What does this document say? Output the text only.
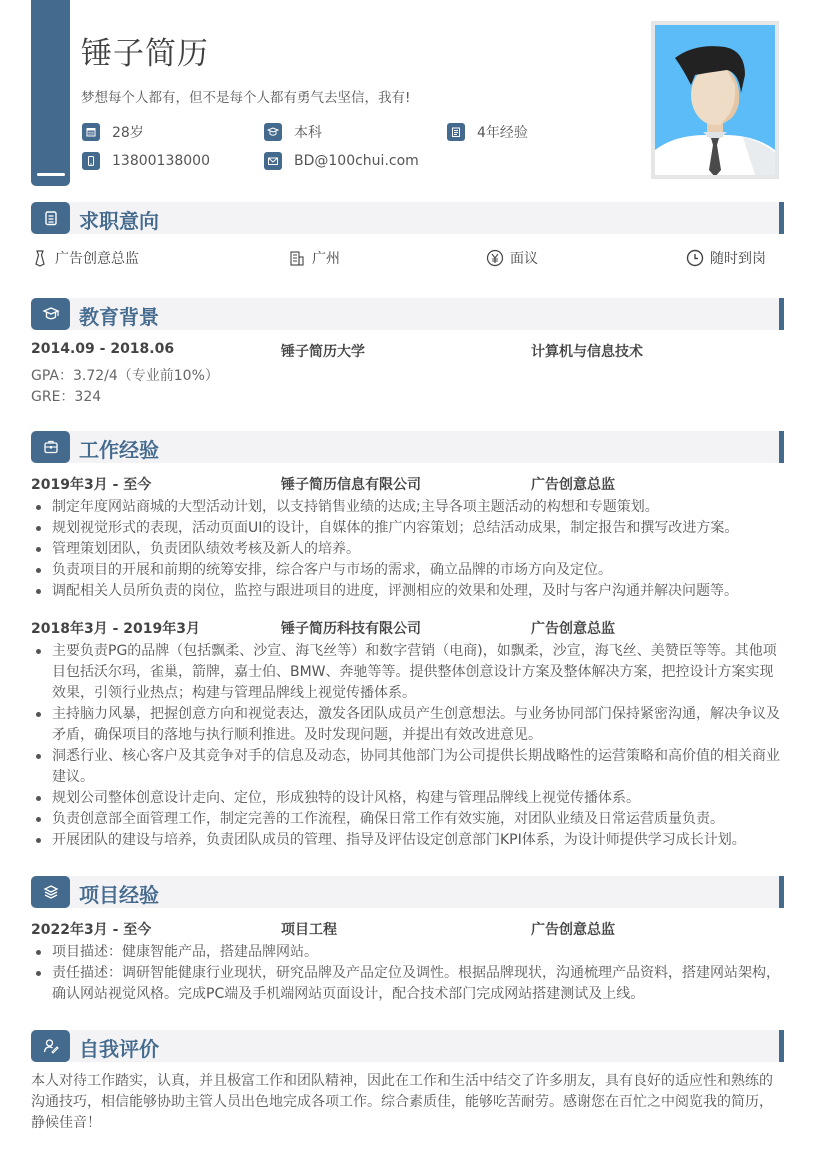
锤子简历
梦想每个人都有，但不是每个人都有勇气去坚信，我有!
28岁	本科	4年经验
13800138000	BD@100chui.com
求职意向
广告创意总监	广州	面议	随时到岗
教育背景
2014.09 - 2018.06	锤子简历大学	计算机与信息技术
GPA：3.72/4（专业前10%）
GRE：324
工作经验
2019年3月 - 至今	锤子简历信息有限公司	广告创意总监
制定年度网站商城的大型活动计划，以支持销售业绩的达成;主导各项主题活动的构想和专题策划。
规划视觉形式的表现，活动页面UI的设计，自媒体的推广内容策划；总结活动成果，制定报告和撰写改进方案。
管理策划团队，负责团队绩效考核及新人的培养。
负责项目的开展和前期的统筹安排，综合客户与市场的需求，确立品牌的市场方向及定位。
调配相关人员所负责的岗位，监控与跟进项目的进度，评测相应的效果和处理，及时与客户沟通并解决问题等。
2018年3月 - 2019年3月	锤子简历科技有限公司	广告创意总监
主要负责PG的品牌（包括飘柔、沙宣、海飞丝等）和数字营销（电商)，如飘柔，沙宣，海飞丝、美赞臣等等。其他项目包括沃尔玛，雀巢，箭牌，嘉士伯、BMW、奔驰等等。提供整体创意设计方案及整体解决方案，把控设计方案实现效果，引领行业热点；构建与管理品牌线上视觉传播体系。
主持脑力风暴，把握创意方向和视觉表达，激发各团队成员产生创意想法。与业务协同部门保持紧密沟通，解决争议及矛盾，确保项目的落地与执行顺利推进。及时发现问题，并提出有效改进意见。
洞悉行业、核心客户及其竞争对手的信息及动态，协同其他部门为公司提供长期战略性的运营策略和高价值的相关商业建议。
规划公司整体创意设计走向、定位，形成独特的设计风格，构建与管理品牌线上视觉传播体系。
负责创意部全面管理工作，制定完善的工作流程，确保日常工作有效实施，对团队业绩及日常运营质量负责。
开展团队的建设与培养，负责团队成员的管理、指导及评估设定创意部门KPI体系，为设计师提供学习成长计划。
项目经验
2022年3月 - 至今	项目工程	广告创意总监
项目描述：健康智能产品，搭建品牌网站。
责任描述：调研智能健康行业现状，研究品牌及产品定位及调性。根据品牌现状，沟通梳理产品资料，搭建网站架构，确认网站视觉风格。完成PC端及手机端网站页面设计，配合技术部门完成网站搭建测试及上线。
自我评价
本人对待工作踏实，认真，并且极富工作和团队精神，因此在工作和生活中结交了许多朋友，具有良好的适应性和熟练的沟通技巧，相信能够协助主管人员出色地完成各项工作。综合素质佳，能够吃苦耐劳。感谢您在百忙之中阅览我的简历，静候佳音！
